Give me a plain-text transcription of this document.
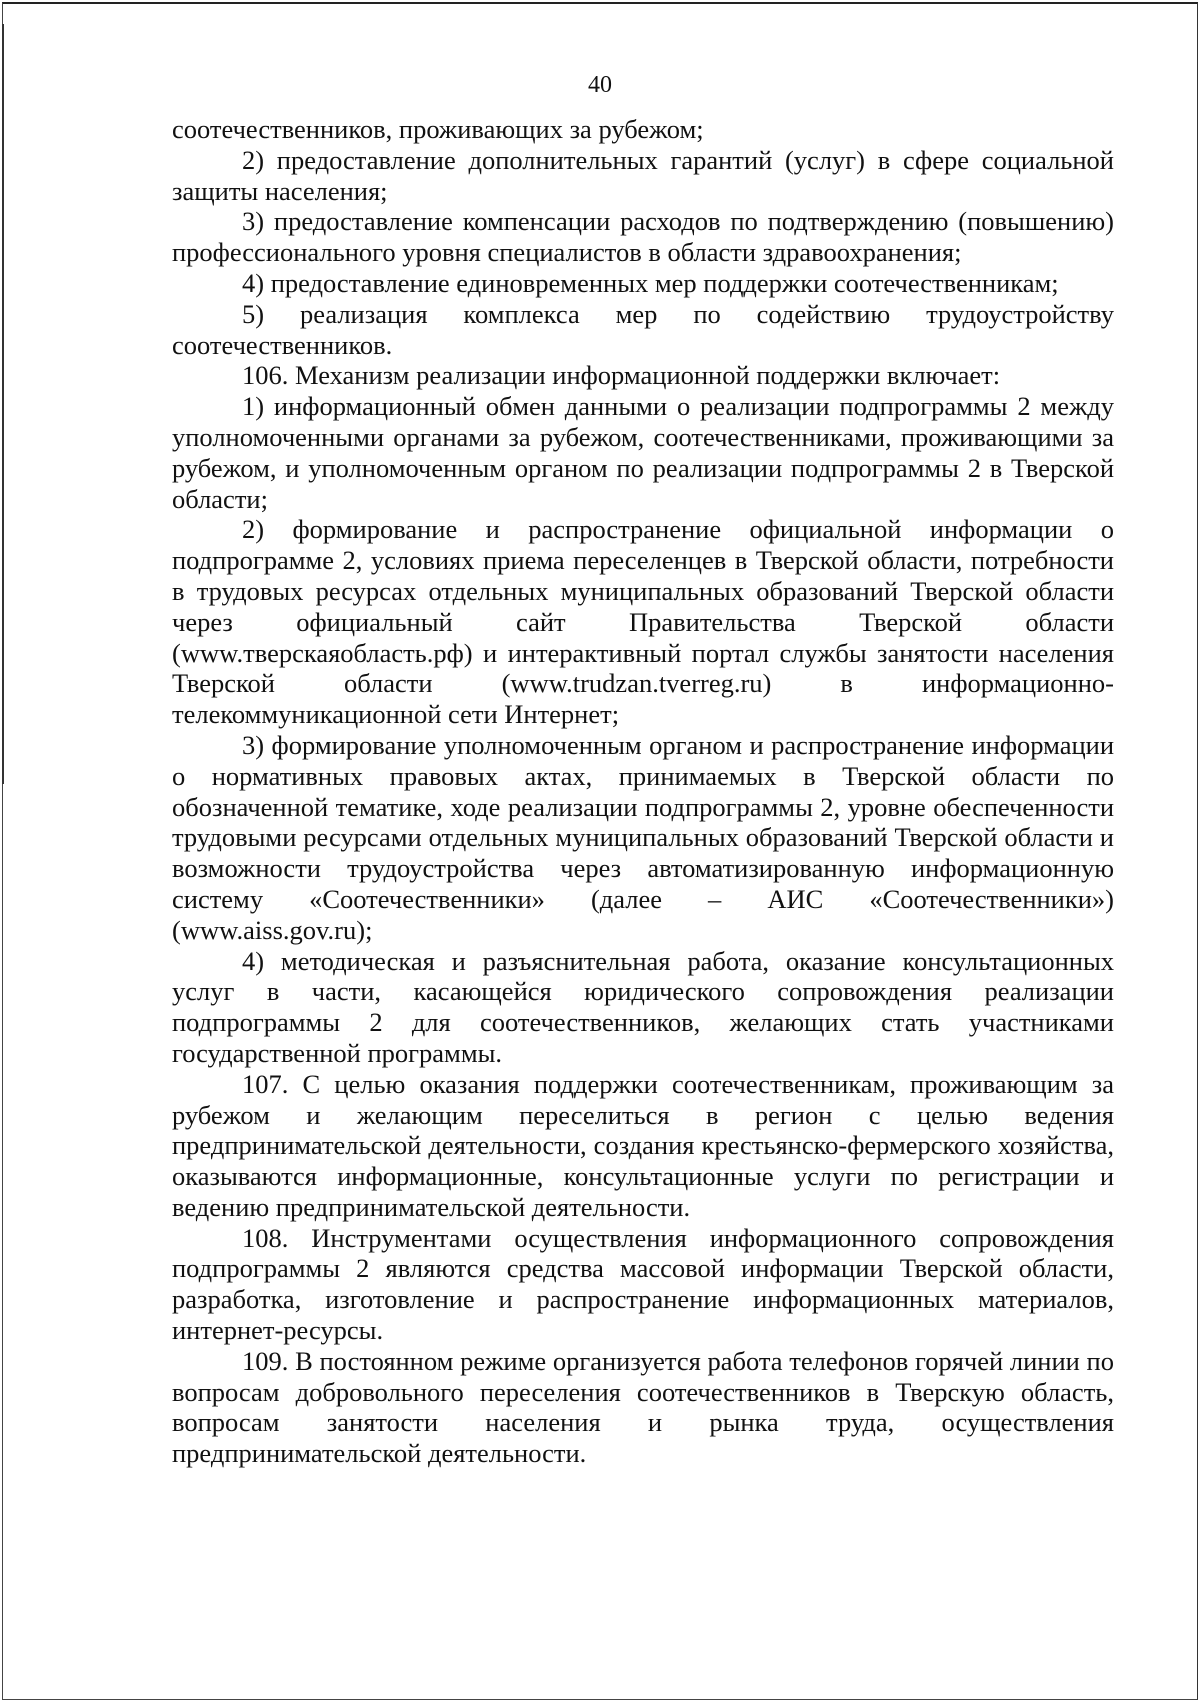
40

соотечественников, проживающих за рубежом;

2) предоставление дополнительных гарантий (услуг) в сфере социальной защиты населения;

3) предоставление компенсации расходов по подтверждению (повышению) профессионального уровня специалистов в области здравоохранения;

4) предоставление единовременных мер поддержки соотечественникам;

5) реализация комплекса мер по содействию трудоустройству соотечественников.

106. Механизм реализации информационной поддержки включает:

1) информационный обмен данными о реализации подпрограммы 2 между уполномоченными органами за рубежом, соотечественниками, проживающими за рубежом, и уполномоченным органом по реализации подпрограммы 2 в Тверской области;

2) формирование и распространение официальной информации о подпрограмме 2, условиях приема переселенцев в Тверской области, потребности в трудовых ресурсах отдельных муниципальных образований Тверской области через официальный сайт Правительства Тверской области (www.тверскаяобласть.рф) и интерактивный портал службы занятости населения Тверской области (www.trudzan.tverreg.ru) в информационно-телекоммуникационной сети Интернет;

3) формирование уполномоченным органом и распространение информации о нормативных правовых актах, принимаемых в Тверской области по обозначенной тематике, ходе реализации подпрограммы 2, уровне обеспеченности трудовыми ресурсами отдельных муниципальных образований Тверской области и возможности трудоустройства через автоматизированную информационную систему «Соотечественники» (далее – АИС «Соотечественники») (www.aiss.gov.ru);

4) методическая и разъяснительная работа, оказание консультационных услуг в части, касающейся юридического сопровождения реализации подпрограммы 2 для соотечественников, желающих стать участниками государственной программы.

107. С целью оказания поддержки соотечественникам, проживающим за рубежом и желающим переселиться в регион с целью ведения предпринимательской деятельности, создания крестьянско-фермерского хозяйства, оказываются информационные, консультационные услуги по регистрации и ведению предпринимательской деятельности.

108. Инструментами осуществления информационного сопровождения подпрограммы 2 являются средства массовой информации Тверской области, разработка, изготовление и распространение информационных материалов, интернет-ресурсы.

109. В постоянном режиме организуется работа телефонов горячей линии по вопросам добровольного переселения соотечественников в Тверскую область, вопросам занятости населения и рынка труда, осуществления предпринимательской деятельности.
